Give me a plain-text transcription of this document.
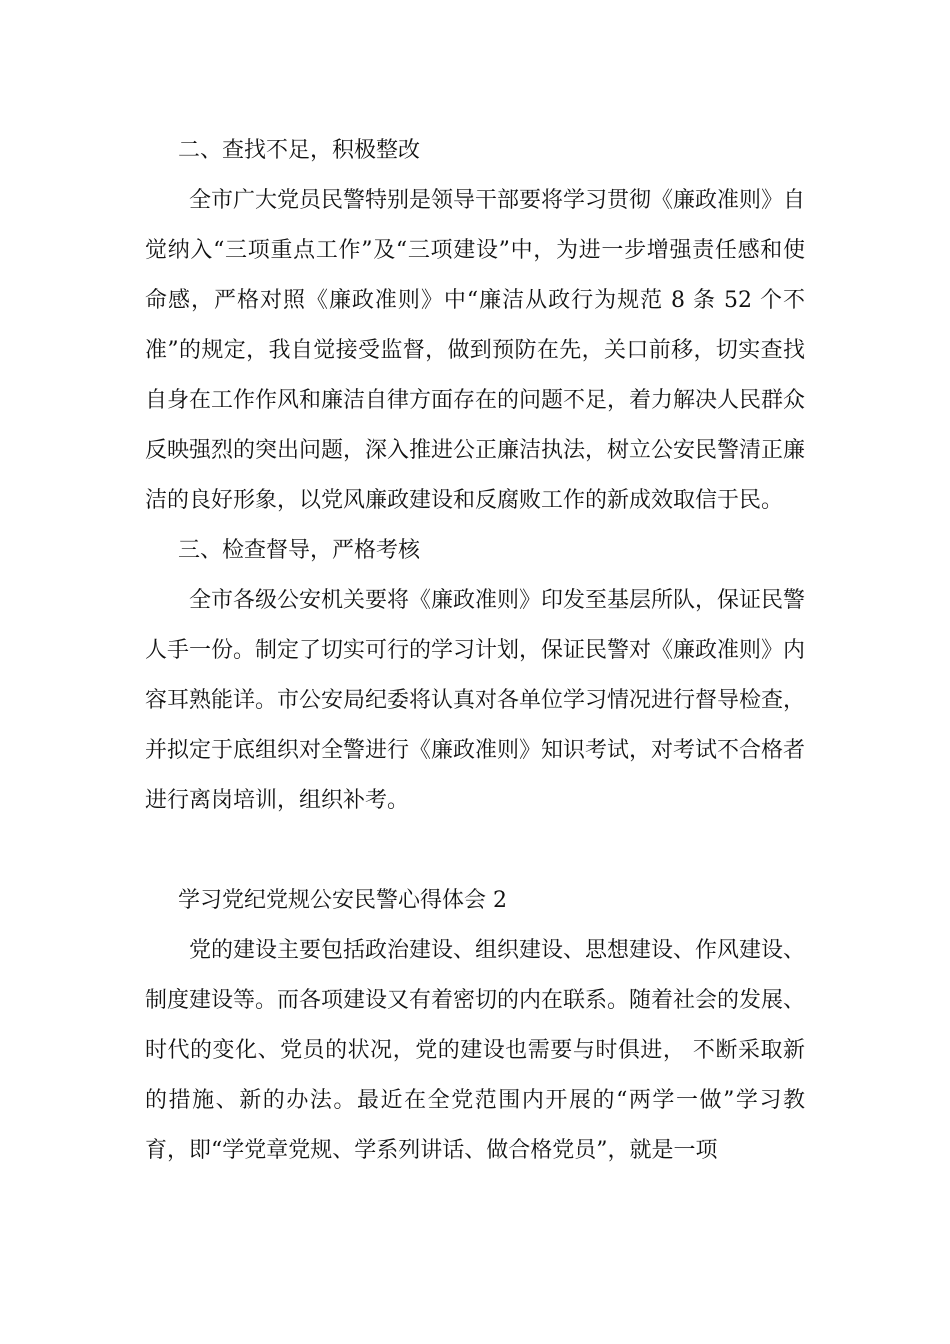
二、查找不足，积极整改

全市广大党员民警特别是领导干部要将学习贯彻《廉政准则》自觉纳入“三项重点工作”及“三项建设”中，为进一步增强责任感和使命感，严格对照《廉政准则》中“廉洁从政行为规范 8 条 52 个不准”的规定，我自觉接受监督，做到预防在先，关口前移，切实查找自身在工作作风和廉洁自律方面存在的问题不足，着力解决人民群众反映强烈的突出问题，深入推进公正廉洁执法，树立公安民警清正廉洁的良好形象，以党风廉政建设和反腐败工作的新成效取信于民。

三、检查督导，严格考核

全市各级公安机关要将《廉政准则》印发至基层所队，保证民警人手一份。制定了切实可行的学习计划，保证民警对《廉政准则》内容耳熟能详。市公安局纪委将认真对各单位学习情况进行督导检查，并拟定于底组织对全警进行《廉政准则》知识考试，对考试不合格者进行离岗培训，组织补考。

学习党纪党规公安民警心得体会 2

党的建设主要包括政治建设、组织建设、思想建设、作风建设、制度建设等。而各项建设又有着密切的内在联系。随着社会的发展、时代的变化、党员的状况，党的建设也需要与时俱进， 不断采取新的措施、新的办法。最近在全党范围内开展的“两学一做”学习教育，即“学党章党规、学系列讲话、做合格党员”，就是一项
